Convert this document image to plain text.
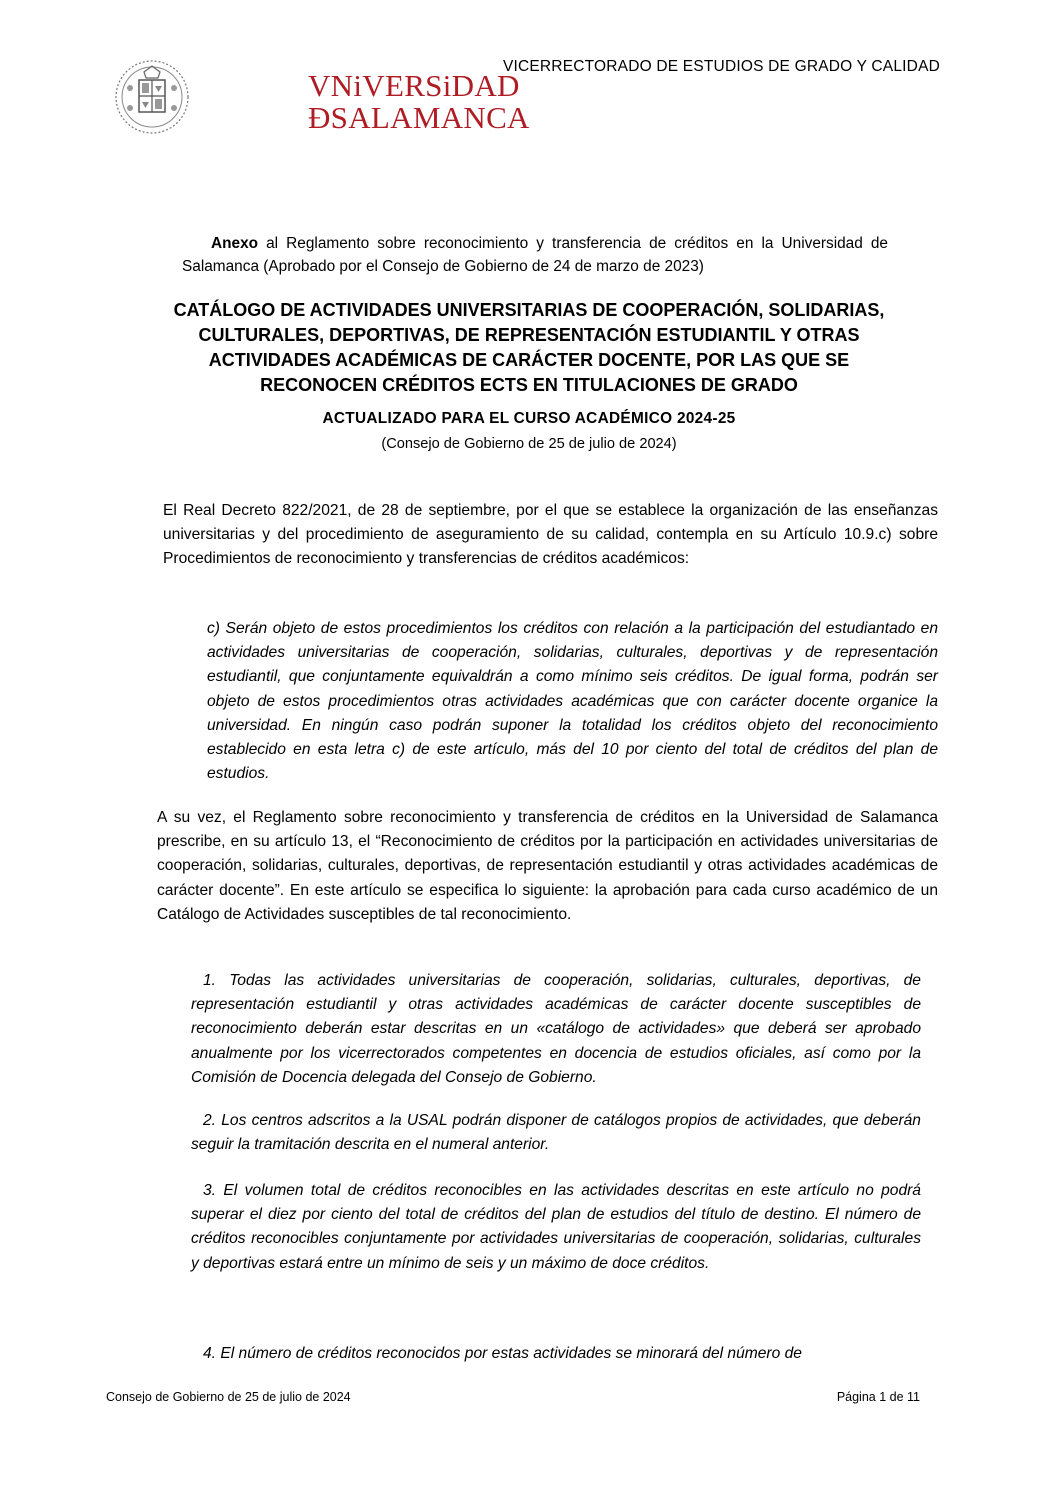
VICERRECTORADO DE ESTUDIOS DE GRADO Y CALIDAD
VNiVERSiDAD
ÐSALAMANCA
Anexo al Reglamento sobre reconocimiento y transferencia de créditos en la Universidad de Salamanca (Aprobado por el Consejo de Gobierno de 24 de marzo de 2023)
CATÁLOGO DE ACTIVIDADES UNIVERSITARIAS DE COOPERACIÓN, SOLIDARIAS,
CULTURALES, DEPORTIVAS, DE REPRESENTACIÓN ESTUDIANTIL Y OTRAS
ACTIVIDADES ACADÉMICAS DE CARÁCTER DOCENTE, POR LAS QUE SE
RECONOCEN CRÉDITOS ECTS EN TITULACIONES DE GRADO
ACTUALIZADO PARA EL CURSO ACADÉMICO 2024-25
(Consejo de Gobierno de 25 de julio de 2024)
El Real Decreto 822/2021, de 28 de septiembre, por el que se establece la organización de las enseñanzas universitarias y del procedimiento de aseguramiento de su calidad, contempla en su Artículo 10.9.c) sobre Procedimientos de reconocimiento y transferencias de créditos académicos:
c) Serán objeto de estos procedimientos los créditos con relación a la participación del estudiantado en actividades universitarias de cooperación, solidarias, culturales, deportivas y de representación estudiantil, que conjuntamente equivaldrán a como mínimo seis créditos. De igual forma, podrán ser objeto de estos procedimientos otras actividades académicas que con carácter docente organice la universidad. En ningún caso podrán suponer la totalidad los créditos objeto del reconocimiento establecido en esta letra c) de este artículo, más del 10 por ciento del total de créditos del plan de estudios.
A su vez, el Reglamento sobre reconocimiento y transferencia de créditos en la Universidad de Salamanca prescribe, en su artículo 13, el “Reconocimiento de créditos por la participación en actividades universitarias de cooperación, solidarias, culturales, deportivas, de representación estudiantil y otras actividades académicas de carácter docente”. En este artículo se especifica lo siguiente: la aprobación para cada curso académico de un Catálogo de Actividades susceptibles de tal reconocimiento.
1. Todas las actividades universitarias de cooperación, solidarias, culturales, deportivas, de representación estudiantil y otras actividades académicas de carácter docente susceptibles de reconocimiento deberán estar descritas en un «catálogo de actividades» que deberá ser aprobado anualmente por los vicerrectorados competentes en docencia de estudios oficiales, así como por la Comisión de Docencia delegada del Consejo de Gobierno.
2. Los centros adscritos a la USAL podrán disponer de catálogos propios de actividades, que deberán seguir la tramitación descrita en el numeral anterior.
3. El volumen total de créditos reconocibles en las actividades descritas en este artículo no podrá superar el diez por ciento del total de créditos del plan de estudios del título de destino. El número de créditos reconocibles conjuntamente por actividades universitarias de cooperación, solidarias, culturales y deportivas estará entre un mínimo de seis y un máximo de doce créditos.
4. El número de créditos reconocidos por estas actividades se minorará del número de
Consejo de Gobierno de 25 de julio de 2024	Página 1 de 11
